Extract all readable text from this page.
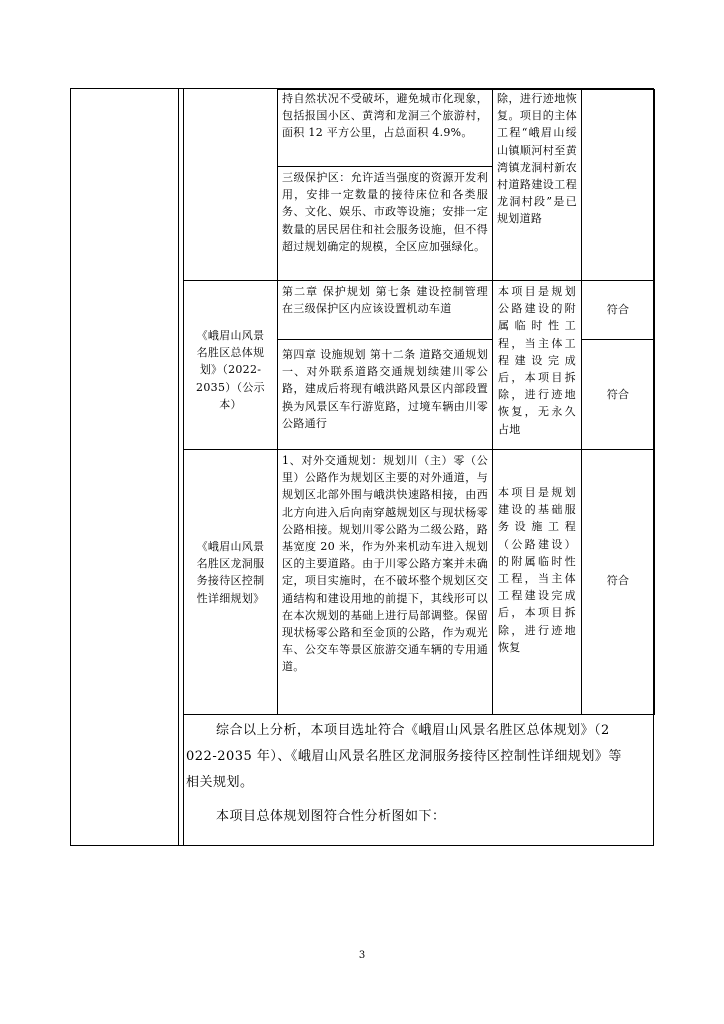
持自然状况不受破坏，避免城市化现象，包括报国小区、黄湾和龙洞三个旅游村，面积 12 平方公里，占总面积 4.9%。
三级保护区：允许适当强度的资源开发利用，安排一定数量的接待床位和各类服务、文化、娱乐、市政等设施；安排一定数量的居民居住和社会服务设施，但不得超过规划确定的规模，全区应加强绿化。
《峨眉山风景名胜区总体规划》（2022-2035）（公示本）
第二章 保护规划 第七条 建设控制管理 在三级保护区内应该设置机动车道
第四章 设施规划 第十二条 道路交通规划 一、对外联系道路交通规划续建川零公路，建成后将现有峨洪路风景区内部段置换为风景区车行游览路，过境车辆由川零公路通行
除，进行迹地恢复。项目的主体工程“峨眉山绥山镇顺河村至黄湾镇龙洞村新农村道路建设工程龙洞村段”是已规划道路
本项目是规划公路建设的附属临时性工程，当主体工程建设完成后，本项目拆除，进行迹地恢复，无永久占地
符合
符合
《峨眉山风景名胜区龙洞服务接待区控制性详细规划》
1、对外交通规划：规划川（主）零（公里）公路作为规划区主要的对外通道，与规划区北部外围与峨洪快速路相接，由西北方向进入后向南穿越规划区与现状杨零公路相接。规划川零公路为二级公路，路基宽度 20 米，作为外来机动车进入规划区的主要道路。由于川零公路方案并未确定，项目实施时，在不破坏整个规划区交通结构和建设用地的前提下，其线形可以在本次规划的基础上进行局部调整。保留现状杨零公路和至金顶的公路，作为观光车、公交车等景区旅游交通车辆的专用通道。
本项目是规划建设的基础服务设施工程（公路建设）的附属临时性工程，当主体工程建设完成后，本项目拆除，进行迹地恢复
符合
综合以上分析，本项目选址符合《峨眉山风景名胜区总体规划》（2
022-2035 年）、《峨眉山风景名胜区龙洞服务接待区控制性详细规划》等
相关规划。
本项目总体规划图符合性分析图如下：
3
